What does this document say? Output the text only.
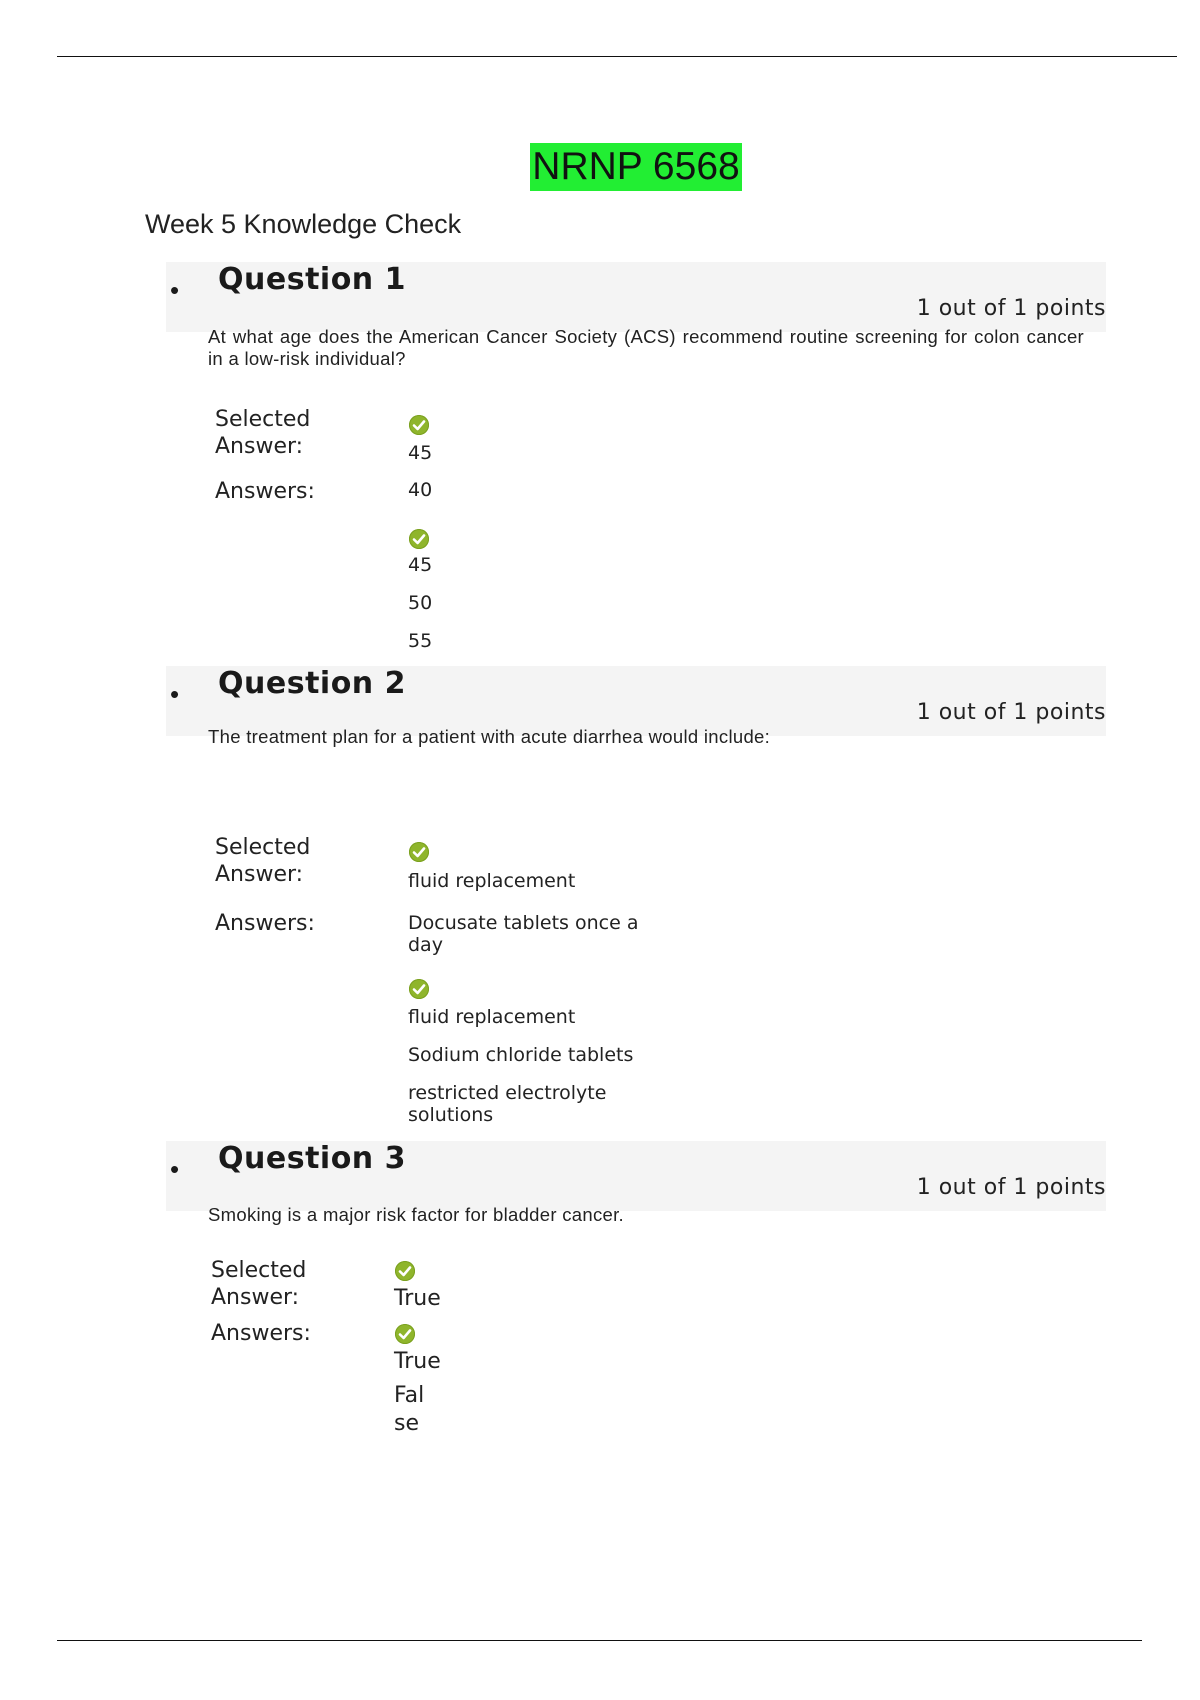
NRNP 6568
Week 5 Knowledge Check
• Question 1
1 out of 1 points
At what age does the American Cancer Society (ACS) recommend routine screening for colon cancer in a low-risk individual?
Selected Answer:	45
Answers:	40
45
50
55
• Question 2
1 out of 1 points
The treatment plan for a patient with acute diarrhea would include:
Selected Answer:	fluid replacement
Answers:	Docusate tablets once a day
fluid replacement
Sodium chloride tablets
restricted electrolyte solutions
• Question 3
1 out of 1 points
Smoking is a major risk factor for bladder cancer.
Selected Answer:	True
Answers:
True
Fal se
